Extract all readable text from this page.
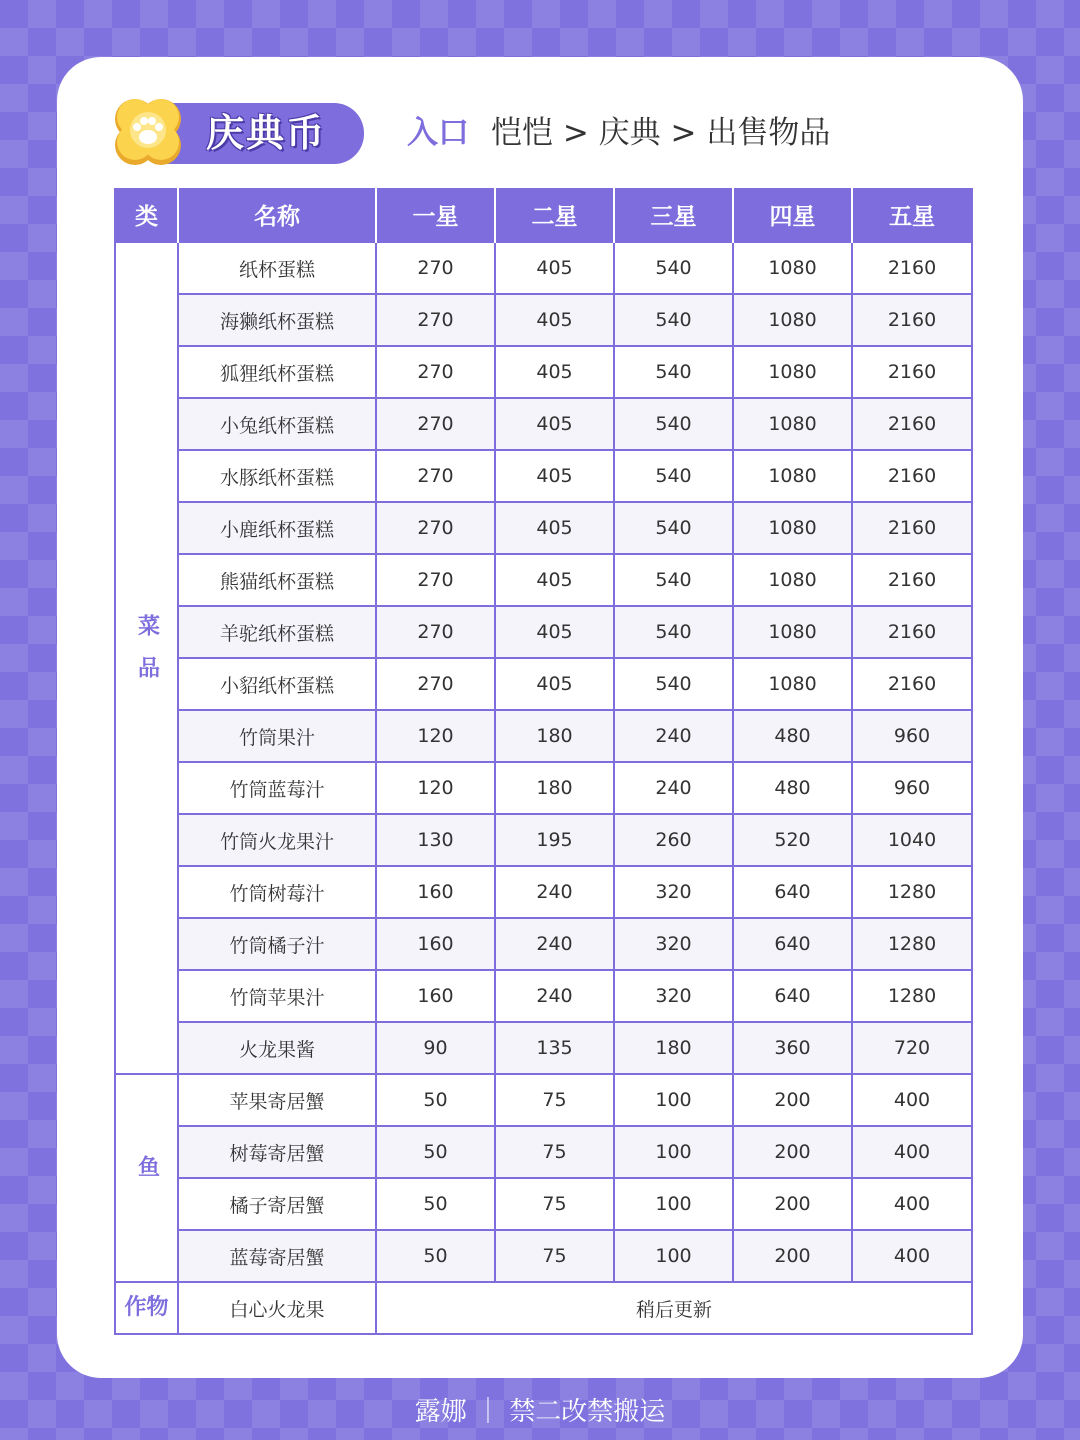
庆典币	入口 恺恺 > 庆典 > 出售物品
类	名称	一星	二星	三星	四星	五星
菜品	纸杯蛋糕	270	405	540	1080	2160
	海獭纸杯蛋糕	270	405	540	1080	2160
	狐狸纸杯蛋糕	270	405	540	1080	2160
	小兔纸杯蛋糕	270	405	540	1080	2160
	水豚纸杯蛋糕	270	405	540	1080	2160
	小鹿纸杯蛋糕	270	405	540	1080	2160
	熊猫纸杯蛋糕	270	405	540	1080	2160
	羊驼纸杯蛋糕	270	405	540	1080	2160
	小貂纸杯蛋糕	270	405	540	1080	2160
	竹筒果汁	120	180	240	480	960
	竹筒蓝莓汁	120	180	240	480	960
	竹筒火龙果汁	130	195	260	520	1040
	竹筒树莓汁	160	240	320	640	1280
	竹筒橘子汁	160	240	320	640	1280
	竹筒苹果汁	160	240	320	640	1280
	火龙果酱	90	135	180	360	720
鱼	苹果寄居蟹	50	75	100	200	400
	树莓寄居蟹	50	75	100	200	400
	橘子寄居蟹	50	75	100	200	400
	蓝莓寄居蟹	50	75	100	200	400
作物	白心火龙果	稍后更新				
露娜 ｜ 禁二改禁搬运
